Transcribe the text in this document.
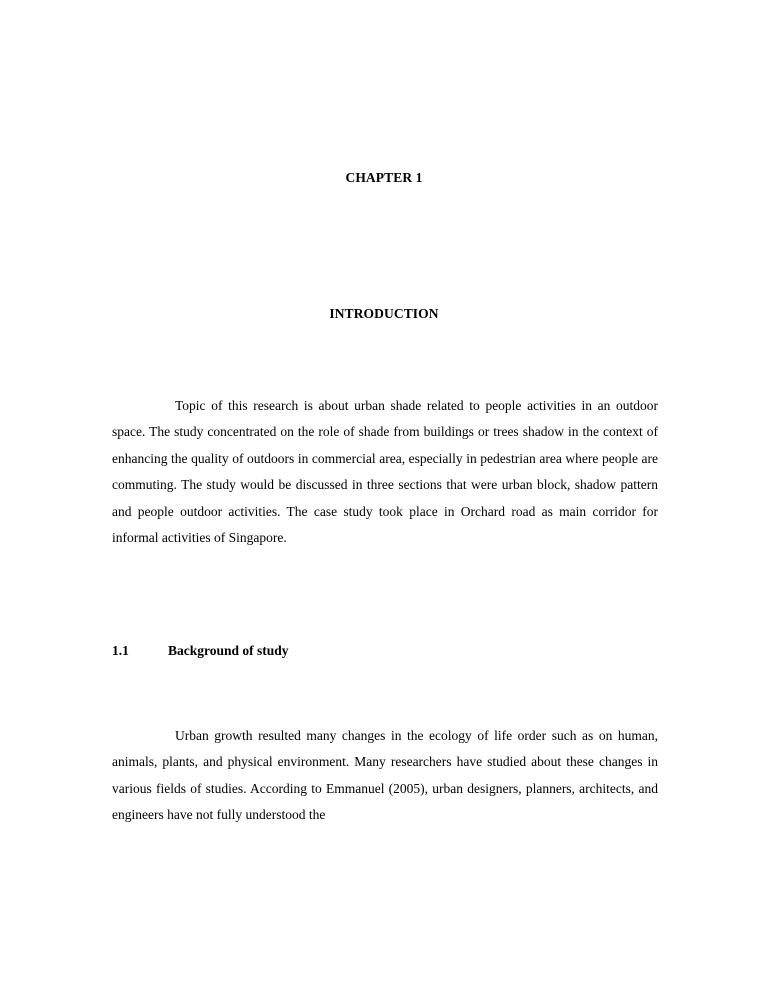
CHAPTER 1
INTRODUCTION

Topic of this research is about urban shade related to people activities in an outdoor space. The study concentrated on the role of shade from buildings or trees shadow in the context of enhancing the quality of outdoors in commercial area, especially in pedestrian area where people are commuting. The study would be discussed in three sections that were urban block, shadow pattern and people outdoor activities. The case study took place in Orchard road as main corridor for informal activities of Singapore.

1.1	Background of study

Urban growth resulted many changes in the ecology of life order such as on human, animals, plants, and physical environment. Many researchers have studied about these changes in various fields of studies. According to Emmanuel (2005), urban designers, planners, architects, and engineers have not fully understood the
